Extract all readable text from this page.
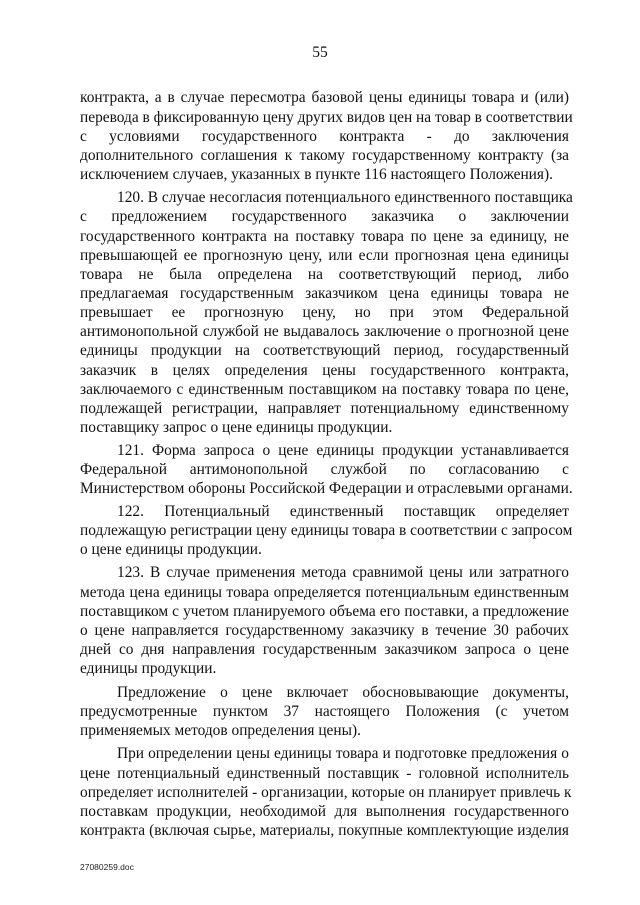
55
контракта, а в случае пересмотра базовой цены единицы товара и (или)
перевода в фиксированную цену других видов цен на товар в соответствии
с условиями государственного контракта - до заключения
дополнительного соглашения к такому государственному контракту (за
исключением случаев, указанных в пункте 116 настоящего Положения).
120. В случае несогласия потенциального единственного поставщика
с предложением государственного заказчика о заключении
государственного контракта на поставку товара по цене за единицу, не
превышающей ее прогнозную цену, или если прогнозная цена единицы
товара не была определена на соответствующий период, либо
предлагаемая государственным заказчиком цена единицы товара не
превышает ее прогнозную цену, но при этом Федеральной
антимонопольной службой не выдавалось заключение о прогнозной цене
единицы продукции на соответствующий период, государственный
заказчик в целях определения цены государственного контракта,
заключаемого с единственным поставщиком на поставку товара по цене,
подлежащей регистрации, направляет потенциальному единственному
поставщику запрос о цене единицы продукции.
121. Форма запроса о цене единицы продукции устанавливается
Федеральной антимонопольной службой по согласованию с
Министерством обороны Российской Федерации и отраслевыми органами.
122. Потенциальный единственный поставщик определяет
подлежащую регистрации цену единицы товара в соответствии с запросом
о цене единицы продукции.
123. В случае применения метода сравнимой цены или затратного
метода цена единицы товара определяется потенциальным единственным
поставщиком с учетом планируемого объема его поставки, а предложение
о цене направляется государственному заказчику в течение 30 рабочих
дней со дня направления государственным заказчиком запроса о цене
единицы продукции.
Предложение о цене включает обосновывающие документы,
предусмотренные пунктом 37 настоящего Положения (с учетом
применяемых методов определения цены).
При определении цены единицы товара и подготовке предложения о
цене потенциальный единственный поставщик - головной исполнитель
определяет исполнителей - организации, которые он планирует привлечь к
поставкам продукции, необходимой для выполнения государственного
контракта (включая сырье, материалы, покупные комплектующие изделия
27080259.doc
